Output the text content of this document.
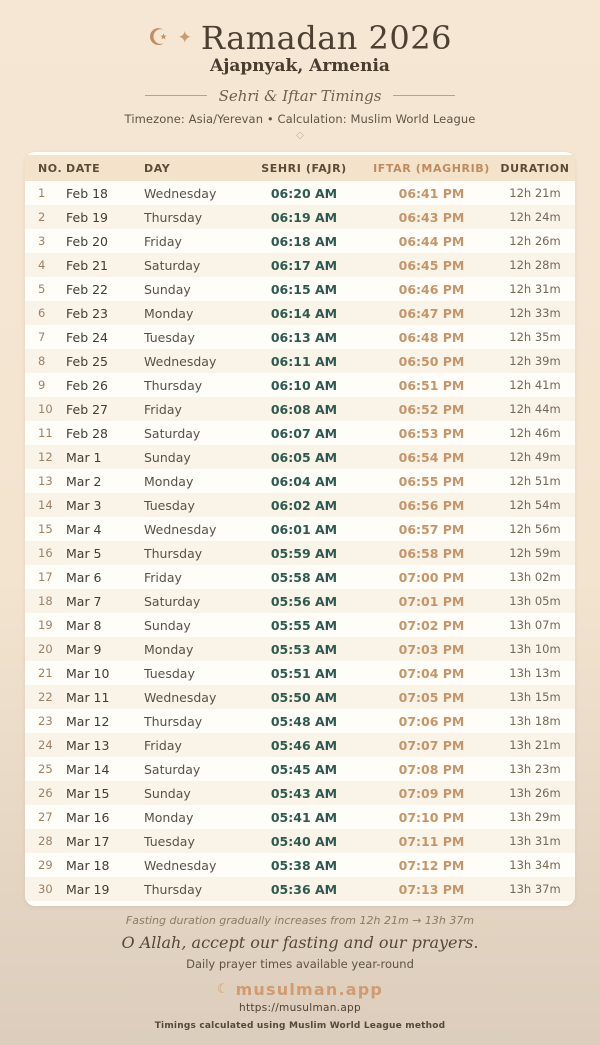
☪ ✦ Ramadan 2026
Ajapnyak, Armenia
Sehri & Iftar Timings
Timezone: Asia/Yerevan • Calculation: Muslim World League
◇
NO.	DATE	DAY	SEHRI (FAJR)	IFTAR (MAGHRIB)	DURATION
1	Feb 18	Wednesday	06:20 AM	06:41 PM	12h 21m
2	Feb 19	Thursday	06:19 AM	06:43 PM	12h 24m
3	Feb 20	Friday	06:18 AM	06:44 PM	12h 26m
4	Feb 21	Saturday	06:17 AM	06:45 PM	12h 28m
5	Feb 22	Sunday	06:15 AM	06:46 PM	12h 31m
6	Feb 23	Monday	06:14 AM	06:47 PM	12h 33m
7	Feb 24	Tuesday	06:13 AM	06:48 PM	12h 35m
8	Feb 25	Wednesday	06:11 AM	06:50 PM	12h 39m
9	Feb 26	Thursday	06:10 AM	06:51 PM	12h 41m
10	Feb 27	Friday	06:08 AM	06:52 PM	12h 44m
11	Feb 28	Saturday	06:07 AM	06:53 PM	12h 46m
12	Mar 1	Sunday	06:05 AM	06:54 PM	12h 49m
13	Mar 2	Monday	06:04 AM	06:55 PM	12h 51m
14	Mar 3	Tuesday	06:02 AM	06:56 PM	12h 54m
15	Mar 4	Wednesday	06:01 AM	06:57 PM	12h 56m
16	Mar 5	Thursday	05:59 AM	06:58 PM	12h 59m
17	Mar 6	Friday	05:58 AM	07:00 PM	13h 02m
18	Mar 7	Saturday	05:56 AM	07:01 PM	13h 05m
19	Mar 8	Sunday	05:55 AM	07:02 PM	13h 07m
20	Mar 9	Monday	05:53 AM	07:03 PM	13h 10m
21	Mar 10	Tuesday	05:51 AM	07:04 PM	13h 13m
22	Mar 11	Wednesday	05:50 AM	07:05 PM	13h 15m
23	Mar 12	Thursday	05:48 AM	07:06 PM	13h 18m
24	Mar 13	Friday	05:46 AM	07:07 PM	13h 21m
25	Mar 14	Saturday	05:45 AM	07:08 PM	13h 23m
26	Mar 15	Sunday	05:43 AM	07:09 PM	13h 26m
27	Mar 16	Monday	05:41 AM	07:10 PM	13h 29m
28	Mar 17	Tuesday	05:40 AM	07:11 PM	13h 31m
29	Mar 18	Wednesday	05:38 AM	07:12 PM	13h 34m
30	Mar 19	Thursday	05:36 AM	07:13 PM	13h 37m
Fasting duration gradually increases from 12h 21m → 13h 37m
O Allah, accept our fasting and our prayers.
Daily prayer times available year-round
☾ musulman.app
https://musulman.app
Timings calculated using Muslim World League method
